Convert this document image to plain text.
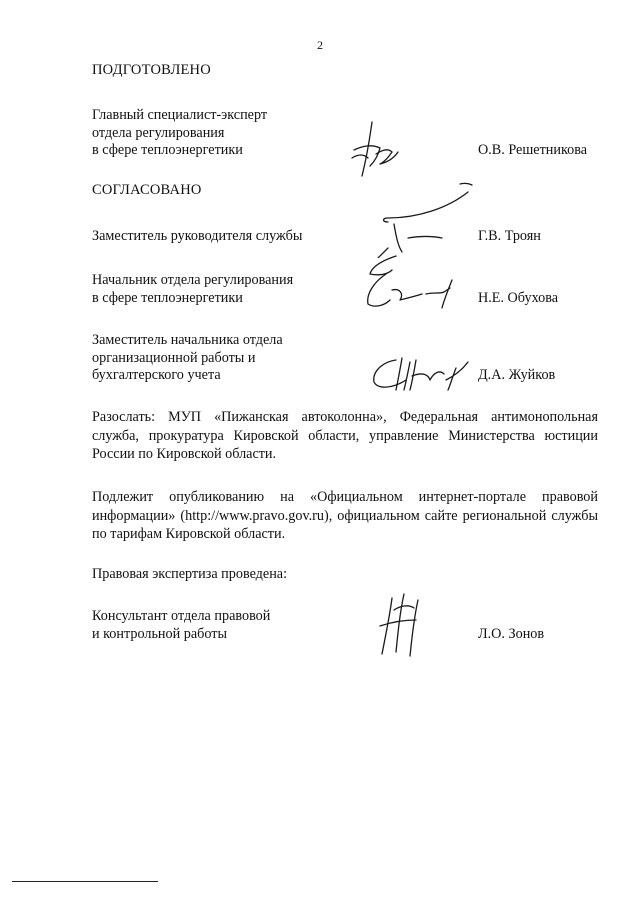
2
ПОДГОТОВЛЕНО
Главный специалист-эксперт
отдела регулирования
в сфере теплоэнергетики	О.В. Решетникова
СОГЛАСОВАНО
Заместитель руководителя службы	Г.В. Троян
Начальник отдела регулирования
в сфере теплоэнергетики	Н.Е. Обухова
Заместитель начальника отдела
организационной работы и
бухгалтерского учета	Д.А. Жуйков
Разослать: МУП «Пижанская автоколонна», Федеральная антимонопольная служба, прокуратура Кировской области, управление Министерства юстиции России по Кировской области.
Подлежит опубликованию на «Официальном интернет-портале правовой информации» (http://www.pravo.gov.ru), официальном сайте региональной службы по тарифам Кировской области.
Правовая экспертиза проведена:
Консультант отдела правовой
и контрольной работы	Л.О. Зонов
